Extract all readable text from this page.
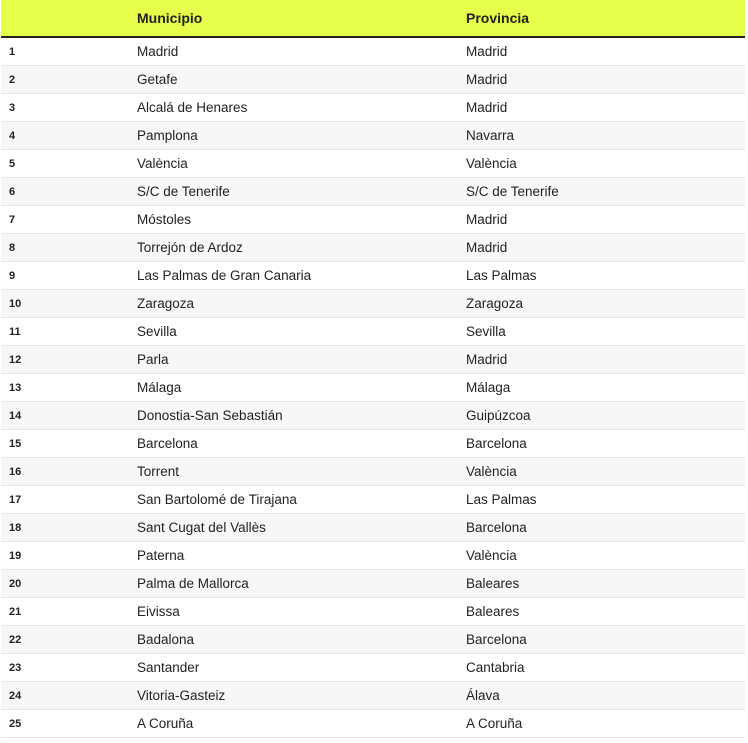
	Municipio	Provincia
1	Madrid	Madrid
2	Getafe	Madrid
3	Alcalá de Henares	Madrid
4	Pamplona	Navarra
5	València	València
6	S/C de Tenerife	S/C de Tenerife
7	Móstoles	Madrid
8	Torrejón de Ardoz	Madrid
9	Las Palmas de Gran Canaria	Las Palmas
10	Zaragoza	Zaragoza
11	Sevilla	Sevilla
12	Parla	Madrid
13	Málaga	Málaga
14	Donostia-San Sebastián	Guipúzcoa
15	Barcelona	Barcelona
16	Torrent	València
17	San Bartolomé de Tirajana	Las Palmas
18	Sant Cugat del Vallès	Barcelona
19	Paterna	València
20	Palma de Mallorca	Baleares
21	Eivissa	Baleares
22	Badalona	Barcelona
23	Santander	Cantabria
24	Vitoria-Gasteiz	Álava
25	A Coruña	A Coruña
